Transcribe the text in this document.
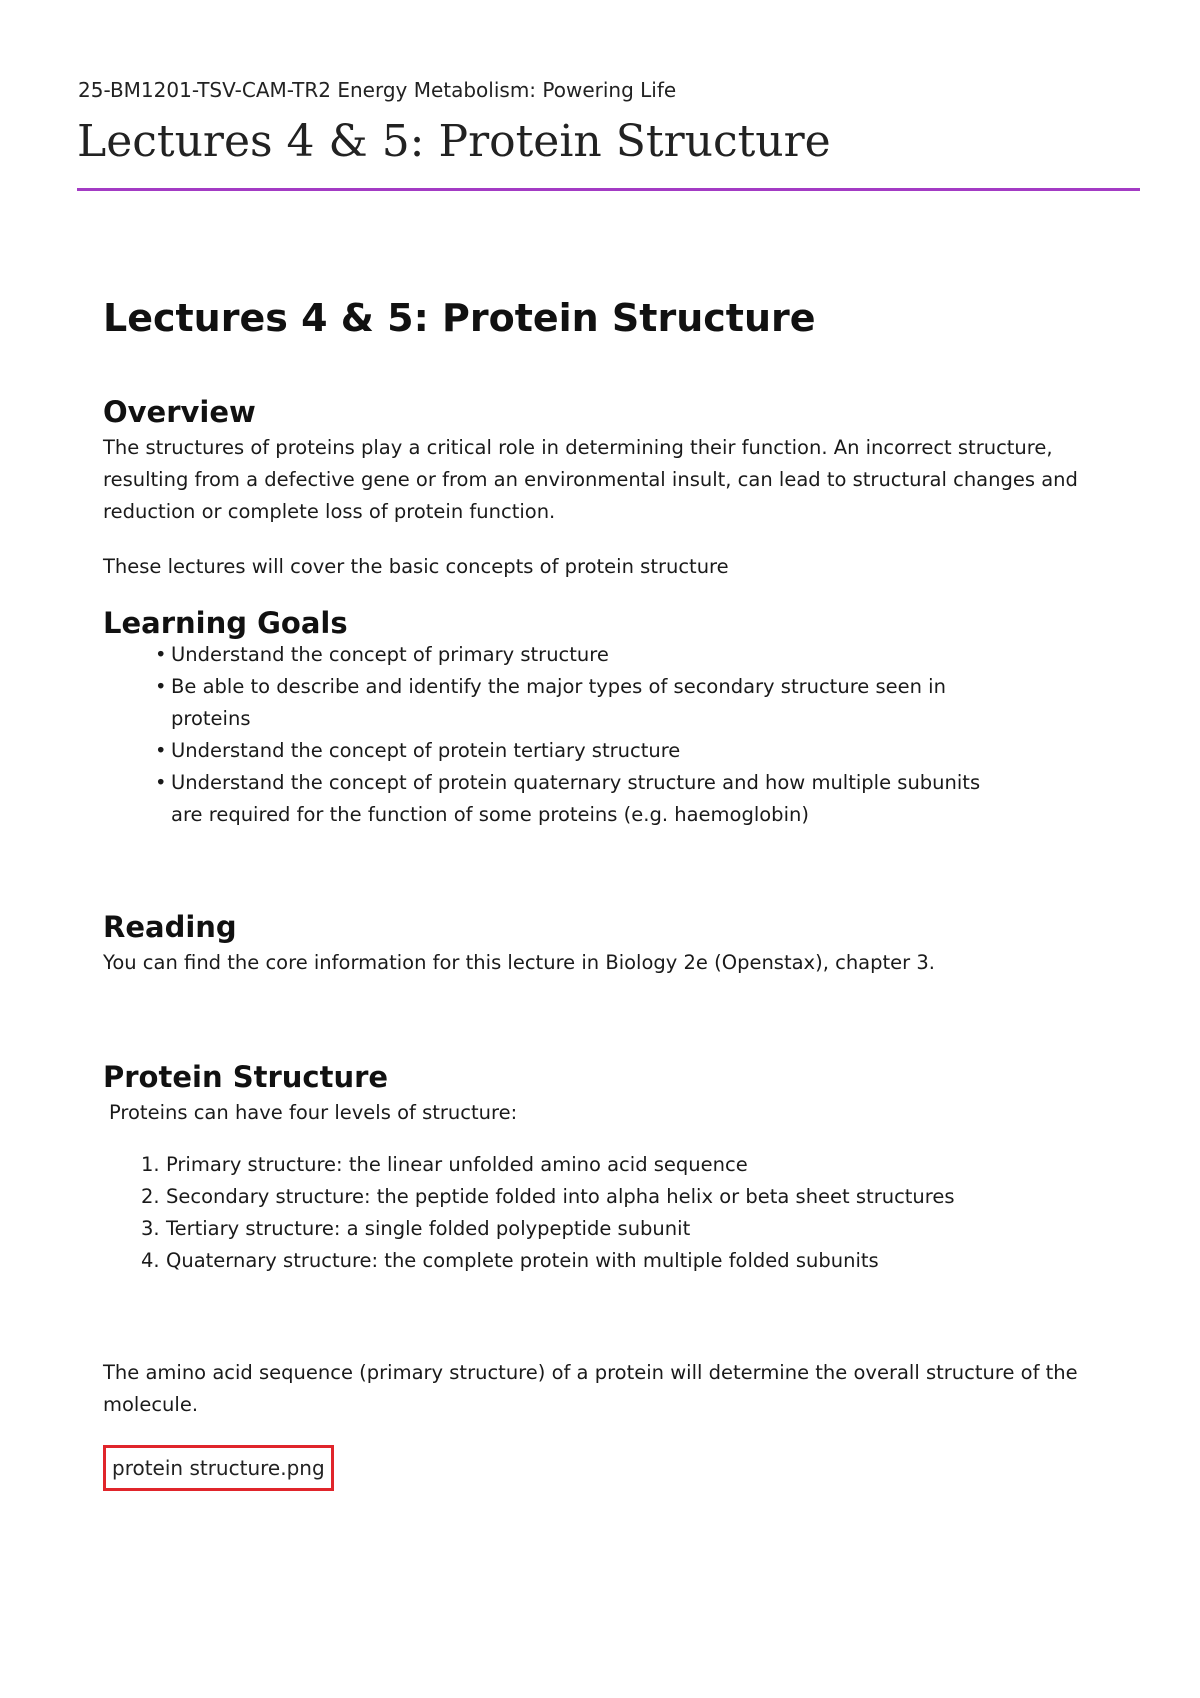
25-BM1201-TSV-CAM-TR2 Energy Metabolism: Powering Life
Lectures 4 & 5: Protein Structure
Lectures 4 & 5: Protein Structure
Overview

The structures of proteins play a critical role in determining their function. An incorrect structure, resulting from a defective gene or from an environmental insult, can lead to structural changes and reduction or complete loss of protein function.

These lectures will cover the basic concepts of protein structure

Learning Goals
• Understand the concept of primary structure
• Be able to describe and identify the major types of secondary structure seen in proteins
• Understand the concept of protein tertiary structure
• Understand the concept of protein quaternary structure and how multiple subunits are required for the function of some proteins (e.g. haemoglobin)
Reading

You can find the core information for this lecture in Biology 2e (Openstax), chapter 3.

Protein Structure

Proteins can have four levels of structure:

1. Primary structure: the linear unfolded amino acid sequence
2. Secondary structure: the peptide folded into alpha helix or beta sheet structures
3. Tertiary structure: a single folded polypeptide subunit
4. Quaternary structure: the complete protein with multiple folded subunits

The amino acid sequence (primary structure) of a protein will determine the overall structure of the molecule.

protein structure.png
